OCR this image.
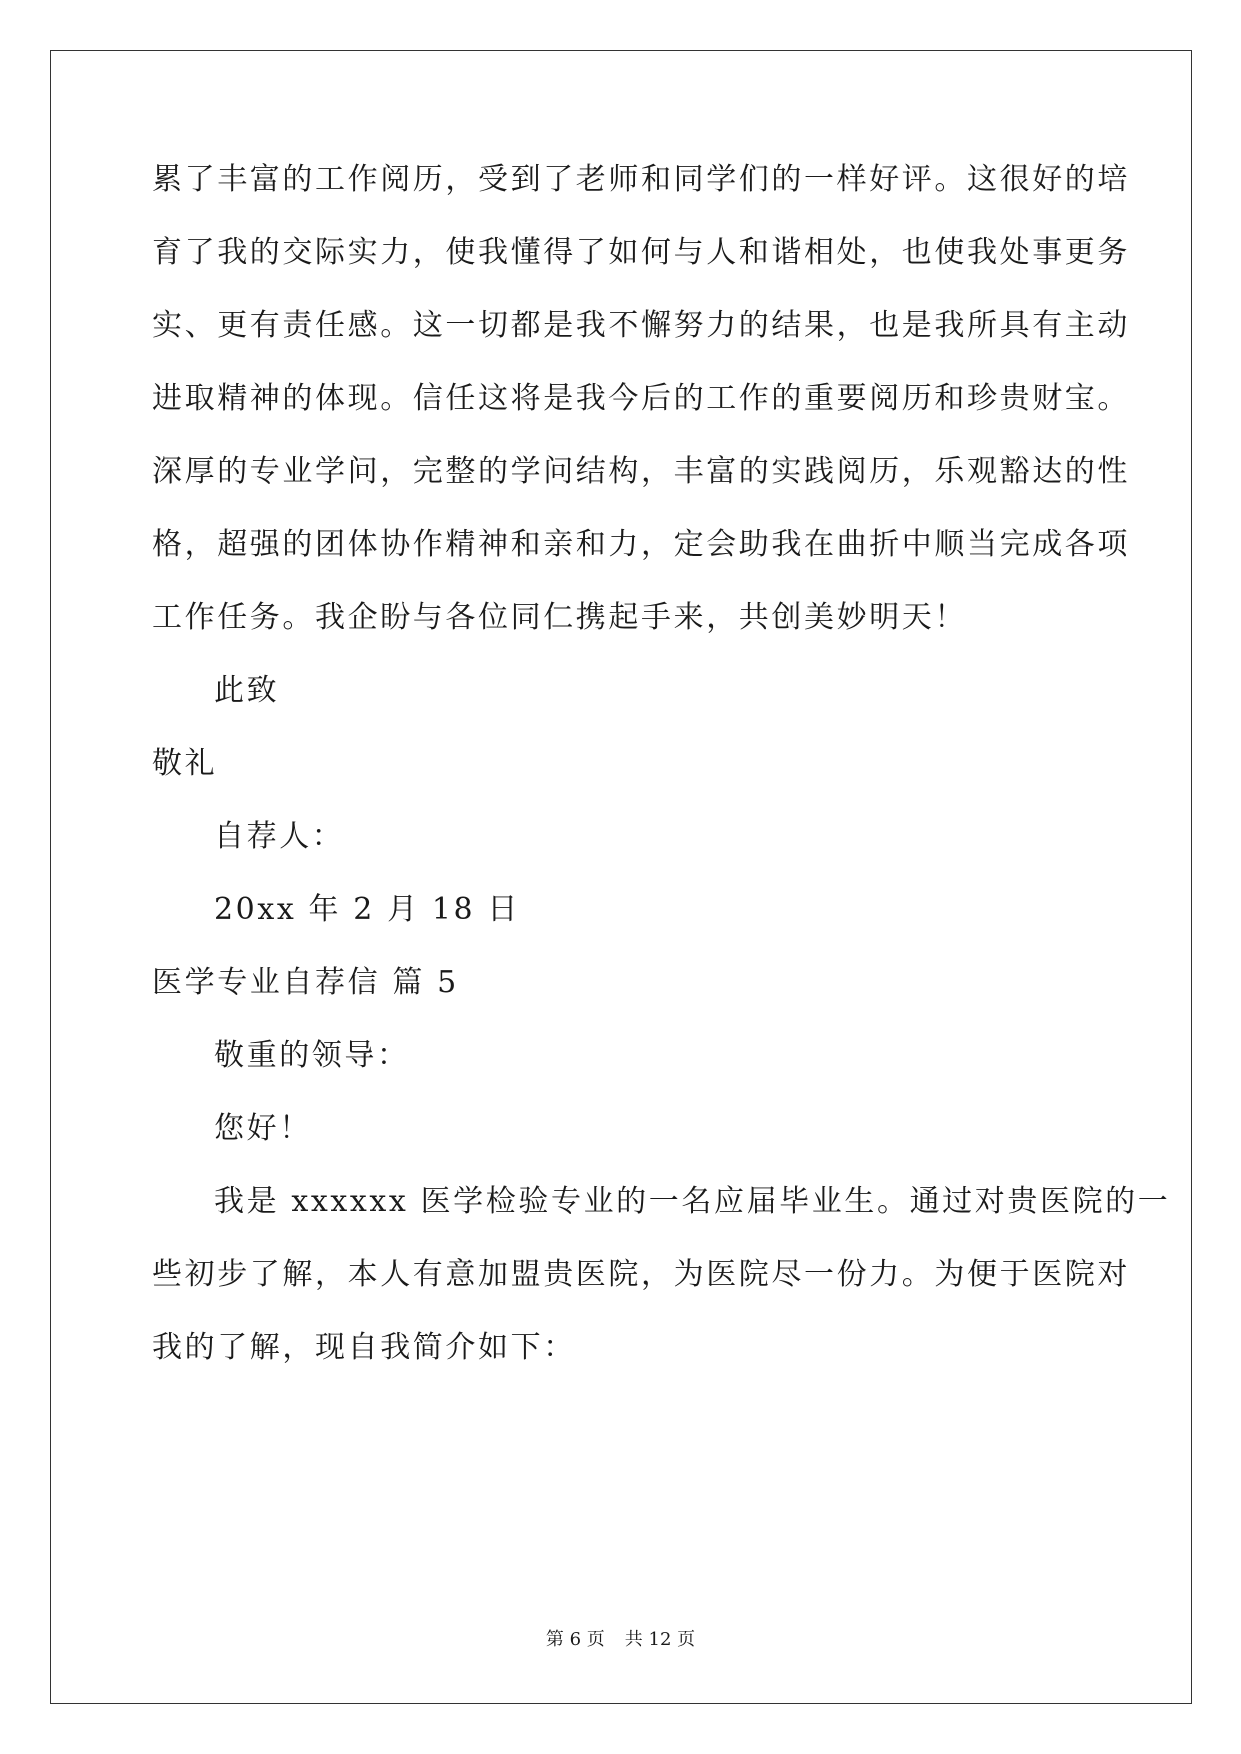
累了丰富的工作阅历，受到了老师和同学们的一样好评。这很好的培
育了我的交际实力，使我懂得了如何与人和谐相处，也使我处事更务
实、更有责任感。这一切都是我不懈努力的结果，也是我所具有主动
进取精神的体现。信任这将是我今后的工作的重要阅历和珍贵财宝。
深厚的专业学问，完整的学问结构，丰富的实践阅历，乐观豁达的性
格，超强的团体协作精神和亲和力，定会助我在曲折中顺当完成各项
工作任务。我企盼与各位同仁携起手来，共创美妙明天！
此致
敬礼
自荐人：
20xx 年 2 月 18 日
医学专业自荐信 篇 5
敬重的领导：
您好！
我是 xxxxxx 医学检验专业的一名应届毕业生。通过对贵医院的一
些初步了解，本人有意加盟贵医院，为医院尽一份力。为便于医院对
我的了解，现自我简介如下：
第 6 页 共 12 页
